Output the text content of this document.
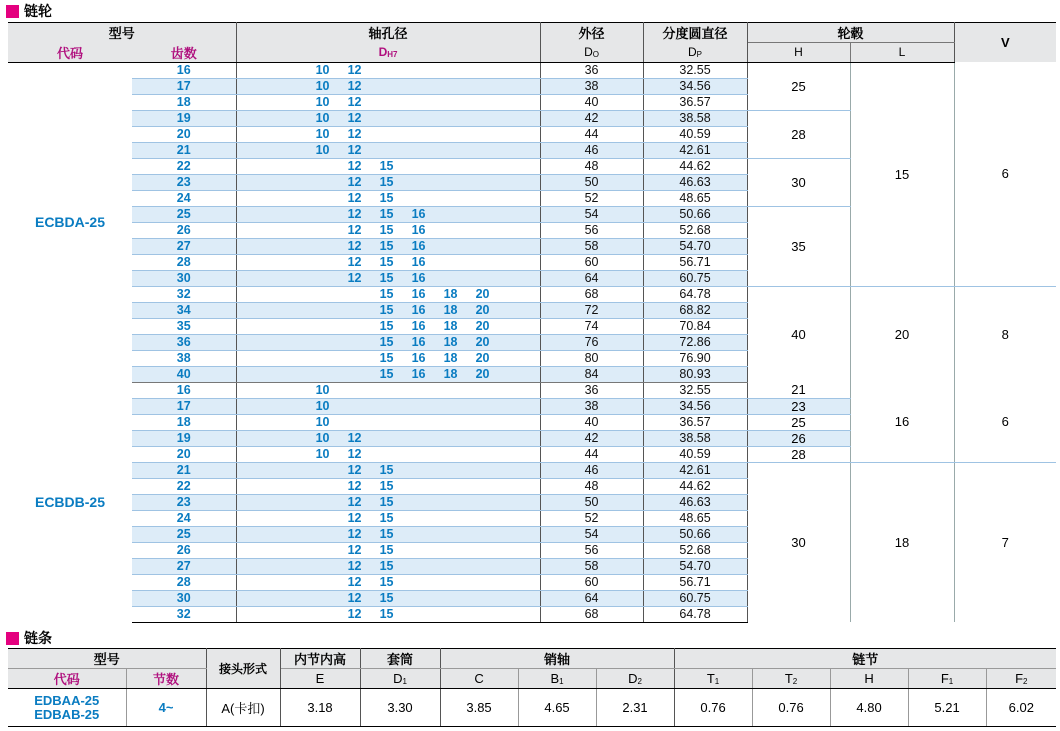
链轮
型号		轴孔径	外径	分度圆直径	轮毂		V
代码	齿数	DH7	DO	DP	H	L	
ECBDA-25	16	10 12	36	32.55	25	15	6
	17	10 12	38	34.56			
	18	10 12	40	36.57			
	19	10 12	42	38.58	28		
	20	10 12	44	40.59			
	21	10 12	46	42.61			
	22	12 15	48	44.62	30		
	23	12 15	50	46.63			
	24	12 15	52	48.65			
	25	12 15 16	54	50.66	35		
	26	12 15 16	56	52.68			
	27	12 15 16	58	54.70			
	28	12 15 16	60	56.71			
	30	12 15 16	64	60.75			
	32	15 16 18 20	68	64.78	40	20	8
	34	15 16 18 20	72	68.82			
	35	15 16 18 20	74	70.84			
	36	15 16 18 20	76	72.86			
	38	15 16 18 20	80	76.90			
	40	15 16 18 20	84	80.93			
ECBDB-25	16	10	36	32.55	21	16	6
	17	10	38	34.56	23		
	18	10	40	36.57	25		
	19	10 12	42	38.58	26		
	20	10 12	44	40.59	28		
	21	12 15	46	42.61	30	18	7
	22	12 15	48	44.62			
	23	12 15	50	46.63			
	24	12 15	52	48.65			
	25	12 15	54	50.66			
	26	12 15	56	52.68			
	27	12 15	58	54.70			
	28	12 15	60	56.71			
	30	12 15	64	60.75			
	32	12 15	68	64.78			
链条
型号		接头形式	内节内高	套筒	销轴			链节				
代码	节数		E	D1	C	B1	D2	T1	T2	H	F1	F2

EDBAA-25
EDBAB-25	4~	A(卡扣)	3.18	3.30	3.85	4.65	2.31	0.76	0.76	4.80	5.21	6.02
